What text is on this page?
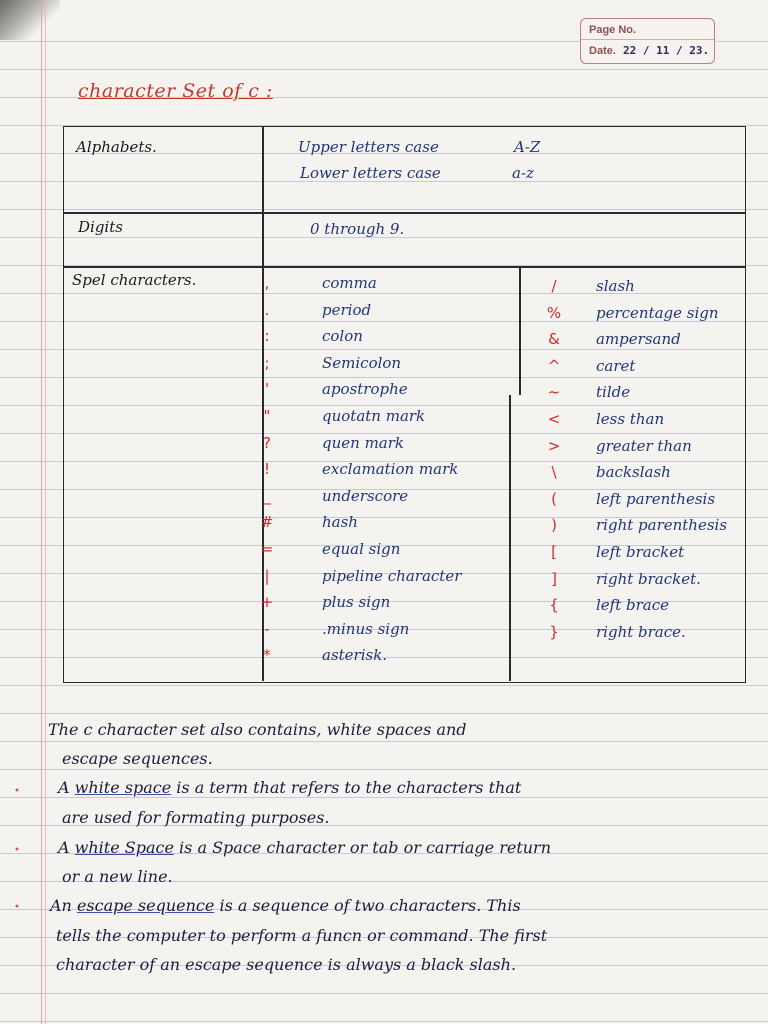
Page No.
Date. 22 / 11 / 23.
character Set of c :
Alphabets.	Upper letters case	A-Z
Lower letters case	a-z
Digits	0 through 9.
Spel characters.	,	comma
.	period
:	colon
;	Semicolon
'	apostrophe
"	quotatn mark
?	quen mark
!	exclamation mark
_	underscore
#	hash
=	equal sign
|	pipeline character
+	plus sign
-	.minus sign
*	asterisk.
/	slash
% percentage sign
&	ampersand
^	caret
~	tilde
<	less than
>	greater than
\	backslash
(	left parenthesis
)	right parenthesis
[	left bracket
]	right bracket.
{	left brace
}	right brace.
The c character set also contains, white spaces and
escape sequences.
• A white space is a term that refers to the characters that
are used for formating purposes.
• A white Space is a Space character or tab or carriage return
or a new line.
• An escape sequence is a sequence of two characters. This
tells the computer to perform a funcn or command. The first
character of an escape sequence is always a black slash.
